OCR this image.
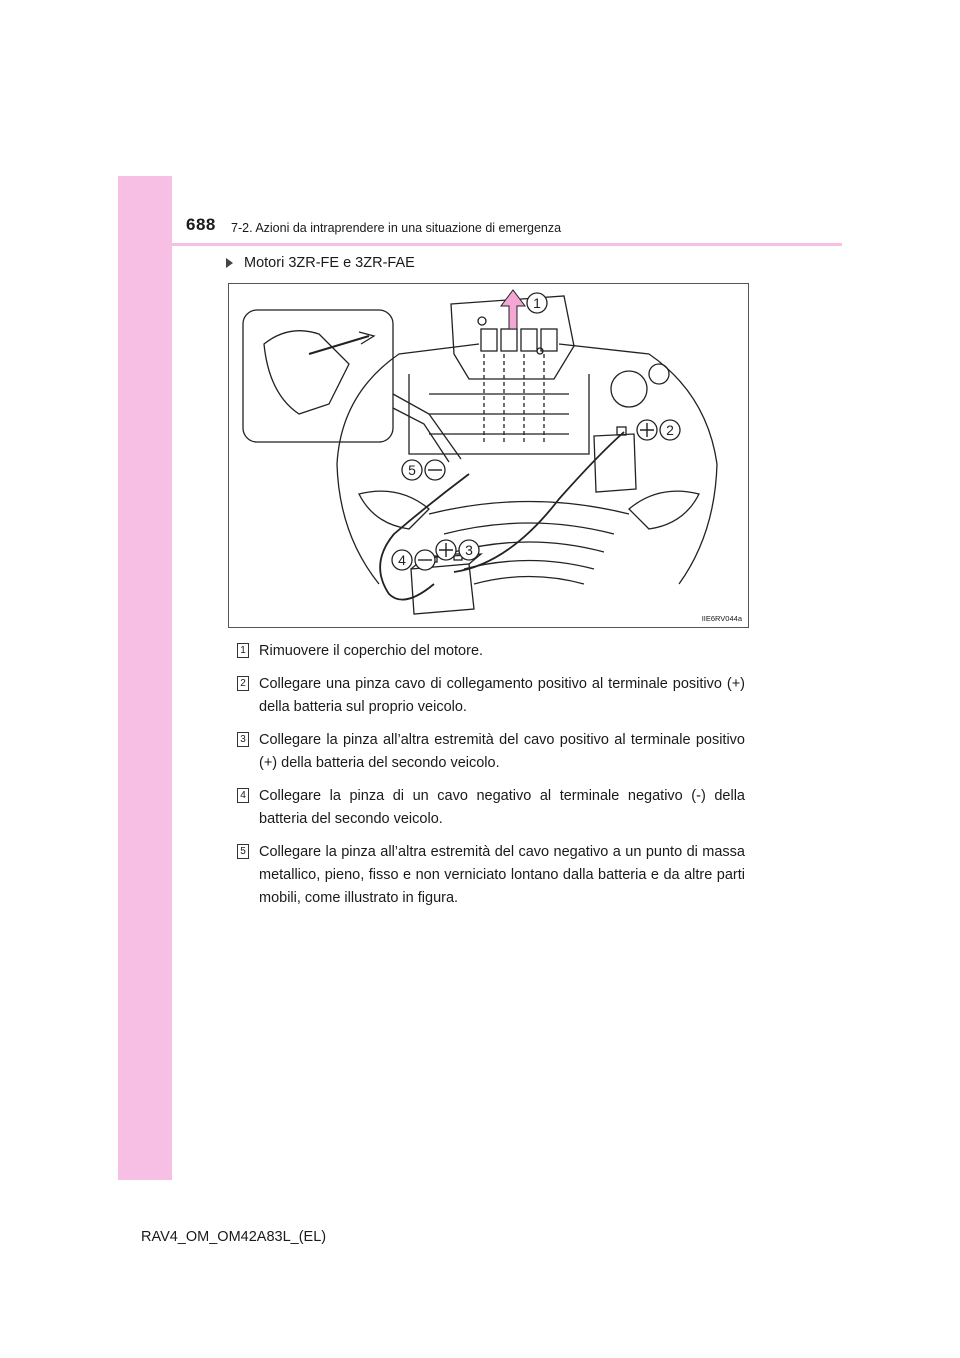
688 7-2. Azioni da intraprendere in una situazione di emergenza
Motori 3ZR-FE e 3ZR-FAE
1
2
3
4
5
IIE6RV044a
1 Rimuovere il coperchio del motore.
2 Collegare una pinza cavo di collegamento positivo al terminale positivo (+) della batteria sul proprio veicolo.
3 Collegare la pinza all’altra estremità del cavo positivo al terminale positivo (+) della batteria del secondo veicolo.
4 Collegare la pinza di un cavo negativo al terminale negativo (-) della batteria del secondo veicolo.
5 Collegare la pinza all’altra estremità del cavo negativo a un punto di massa metallico, pieno, fisso e non verniciato lontano dalla batteria e da altre parti mobili, come illustrato in figura.
RAV4_OM_OM42A83L_(EL)
